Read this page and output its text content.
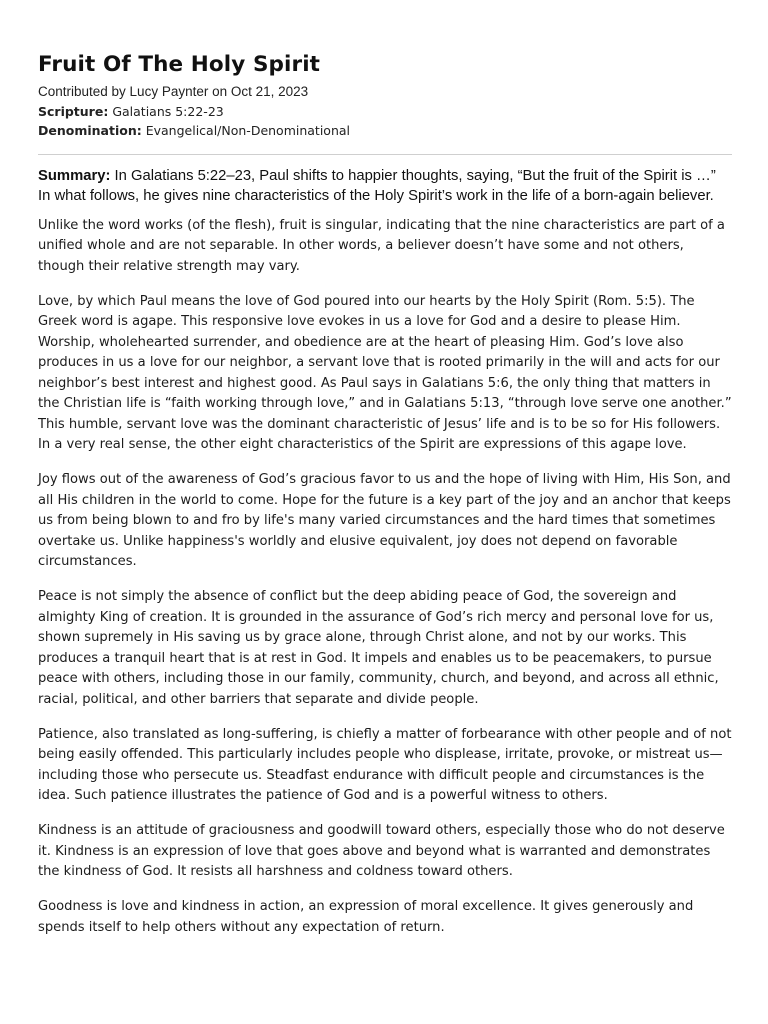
Fruit Of The Holy Spirit
Contributed by Lucy Paynter on Oct 21, 2023
Scripture: Galatians 5:22-23
Denomination: Evangelical/Non-Denominational
Summary: In Galatians 5:22–23, Paul shifts to happier thoughts, saying, “But the fruit of the Spirit is …” In what follows, he gives nine characteristics of the Holy Spirit’s work in the life of a born-again believer.

Unlike the word works (of the flesh), fruit is singular, indicating that the nine characteristics are part of a unified whole and are not separable. In other words, a believer doesn’t have some and not others, though their relative strength may vary.

Love, by which Paul means the love of God poured into our hearts by the Holy Spirit (Rom. 5:5). The Greek word is agape. This responsive love evokes in us a love for God and a desire to please Him. Worship, wholehearted surrender, and obedience are at the heart of pleasing Him. God’s love also produces in us a love for our neighbor, a servant love that is rooted primarily in the will and acts for our neighbor’s best interest and highest good. As Paul says in Galatians 5:6, the only thing that matters in the Christian life is “faith working through love,” and in Galatians 5:13, “through love serve one another.” This humble, servant love was the dominant characteristic of Jesus’ life and is to be so for His followers. In a very real sense, the other eight characteristics of the Spirit are expressions of this agape love.

Joy flows out of the awareness of God’s gracious favor to us and the hope of living with Him, His Son, and all His children in the world to come. Hope for the future is a key part of the joy and an anchor that keeps us from being blown to and fro by life's many varied circumstances and the hard times that sometimes overtake us. Unlike happiness's worldly and elusive equivalent, joy does not depend on favorable circumstances.

Peace is not simply the absence of conflict but the deep abiding peace of God, the sovereign and almighty King of creation. It is grounded in the assurance of God’s rich mercy and personal love for us, shown supremely in His saving us by grace alone, through Christ alone, and not by our works. This produces a tranquil heart that is at rest in God. It impels and enables us to be peacemakers, to pursue peace with others, including those in our family, community, church, and beyond, and across all ethnic, racial, political, and other barriers that separate and divide people.

Patience, also translated as long-suffering, is chiefly a matter of forbearance with other people and of not being easily offended. This particularly includes people who displease, irritate, provoke, or mistreat us—including those who persecute us. Steadfast endurance with difficult people and circumstances is the idea. Such patience illustrates the patience of God and is a powerful witness to others.

Kindness is an attitude of graciousness and goodwill toward others, especially those who do not deserve it. Kindness is an expression of love that goes above and beyond what is warranted and demonstrates the kindness of God. It resists all harshness and coldness toward others.

Goodness is love and kindness in action, an expression of moral excellence. It gives generously and spends itself to help others without any expectation of return.
